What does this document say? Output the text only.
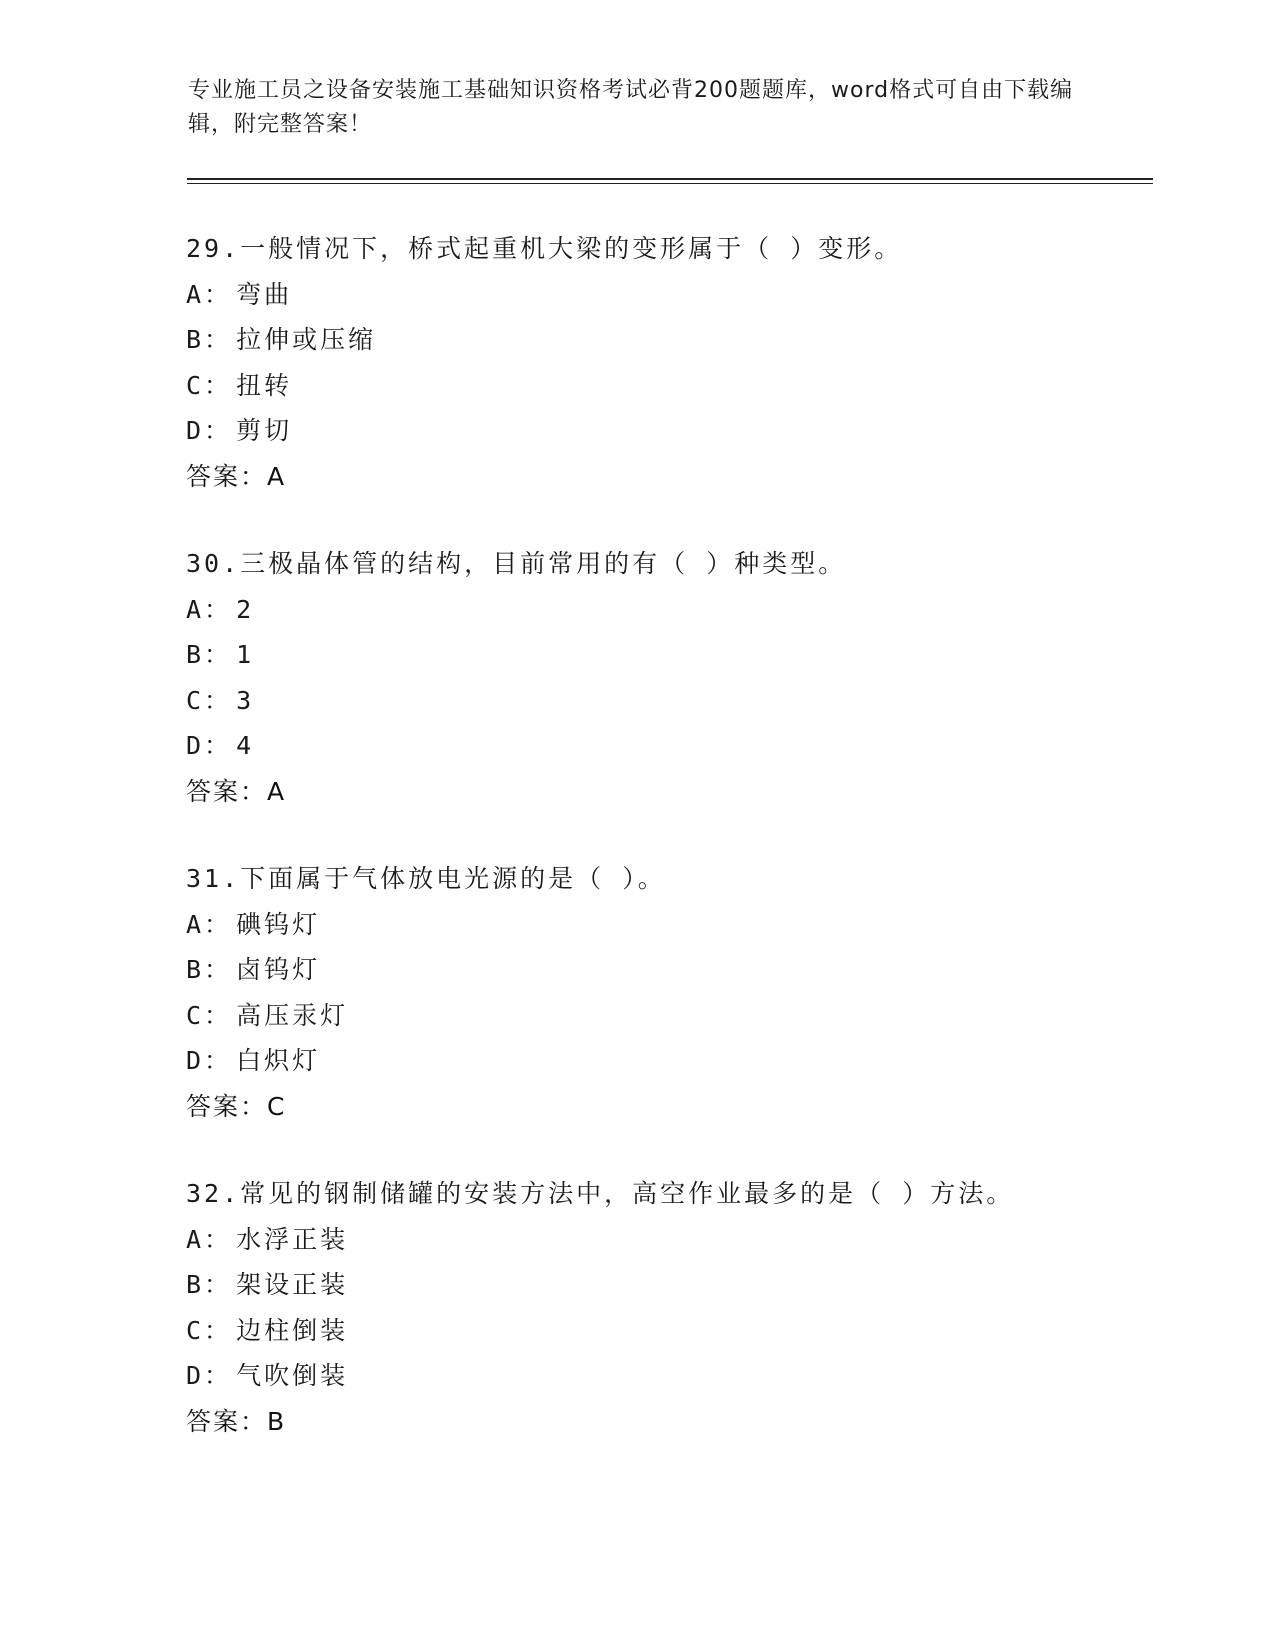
专业施工员之设备安装施工基础知识资格考试必背200题题库，word格式可自由下载编辑，附完整答案！
29.一般情况下，桥式起重机大梁的变形属于（ ）变形。
A： 弯曲
B： 拉伸或压缩
C： 扭转
D： 剪切
答案：A
30.三极晶体管的结构，目前常用的有（ ）种类型。
A： 2
B： 1
C： 3
D： 4
答案：A
31.下面属于气体放电光源的是（ ）。
A： 碘钨灯
B： 卤钨灯
C： 高压汞灯
D： 白炽灯
答案：C
32.常见的钢制储罐的安装方法中，高空作业最多的是（ ）方法。
A： 水浮正装
B： 架设正装
C： 边柱倒装
D： 气吹倒装
答案：B
